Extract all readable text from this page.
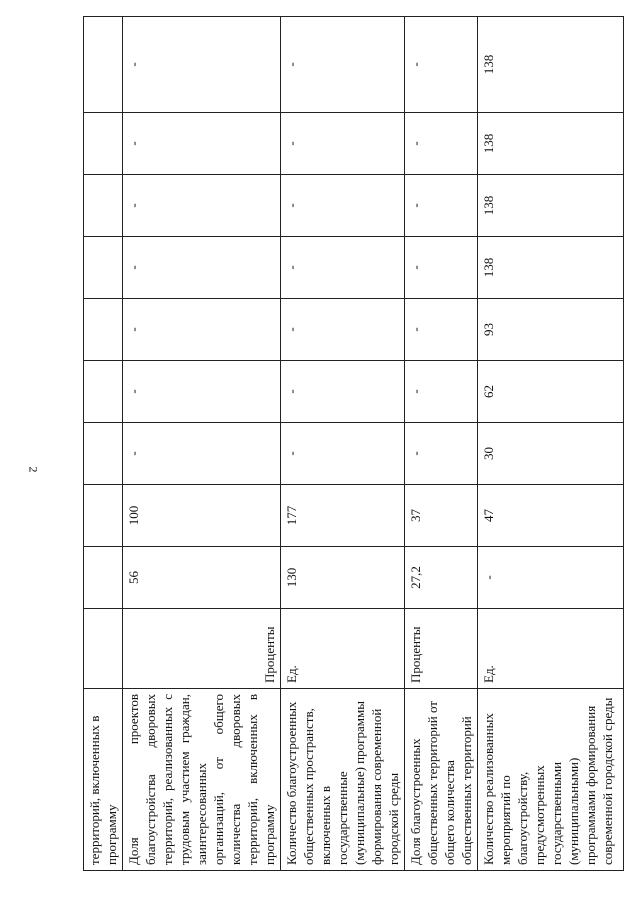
2
территорий, включенных в программу										
Доля проектов благоустройства дворовых территорий, реализованных с трудовым участием граждан, заинтересованных организаций, от общего количества дворовых территорий, включенных в программу	Проценты	56	100	-	-	-	-	-	-	-
Количество благоустроенных общественных пространств, включенных в государственные (муниципальные) программы формирования современной городской среды	Ед.	130	177	-	-	-	-	-	-	-
Доля благоустроенных общественных территорий от общего количества общественных территорий	Проценты	27,2	37	-	-	-	-	-	-	-
Количество реализованных мероприятий по благоустройству, предусмотренных государственными (муниципальными) программами формирования современной городской среды	Ед.	-	47	30	62	93	138	138	138	138
